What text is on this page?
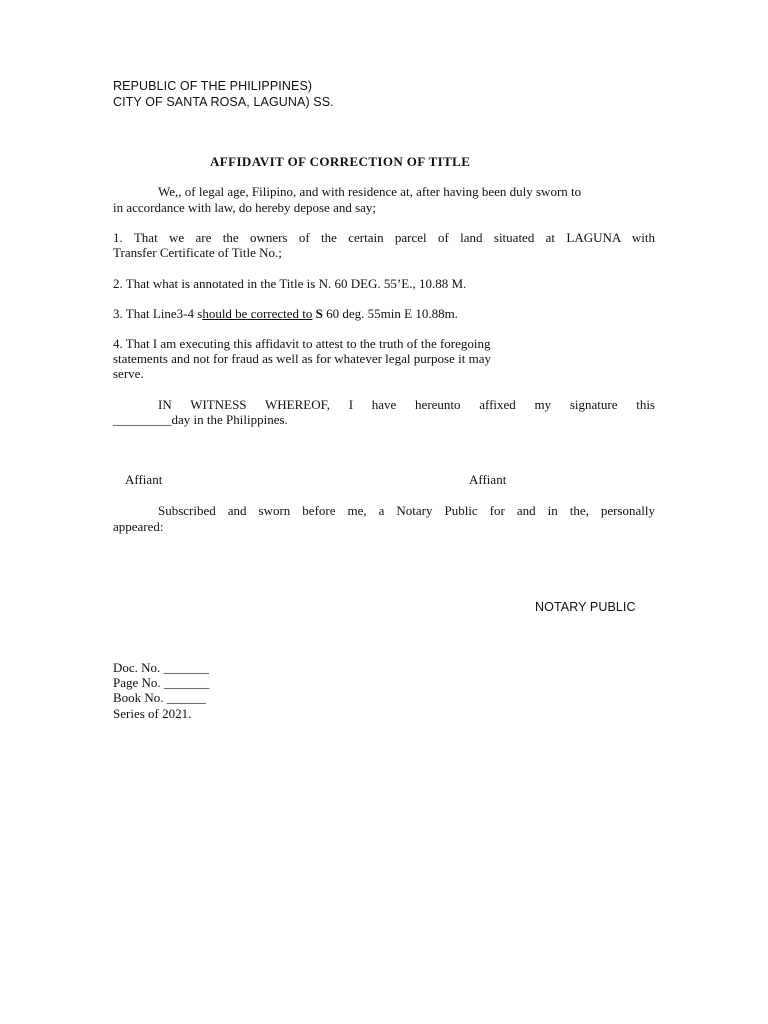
REPUBLIC OF THE PHILIPPINES)
CITY OF SANTA ROSA, LAGUNA) SS.
AFFIDAVIT OF CORRECTION OF TITLE
We,, of legal age, Filipino, and with residence at, after having been duly sworn to
in accordance with law, do hereby depose and say;
1. That we are the owners of the certain parcel of land situated at LAGUNA with
Transfer Certificate of Title No.;
2. That what is annotated in the Title is N. 60 DEG. 55’E., 10.88 M.
3. That Line3-4 should be corrected to S 60 deg. 55min E 10.88m.
4. That I am executing this affidavit to attest to the truth of the foregoing
statements and not for fraud as well as for whatever legal purpose it may
serve.
IN WITNESS WHEREOF, I have hereunto affixed my signature this
_________day in the Philippines.
Affiant	Affiant
Subscribed and sworn before me, a Notary Public for and in the, personally
appeared:
NOTARY PUBLIC
Doc. No. _______
Page No. _______
Book No. ______
Series of 2021.
